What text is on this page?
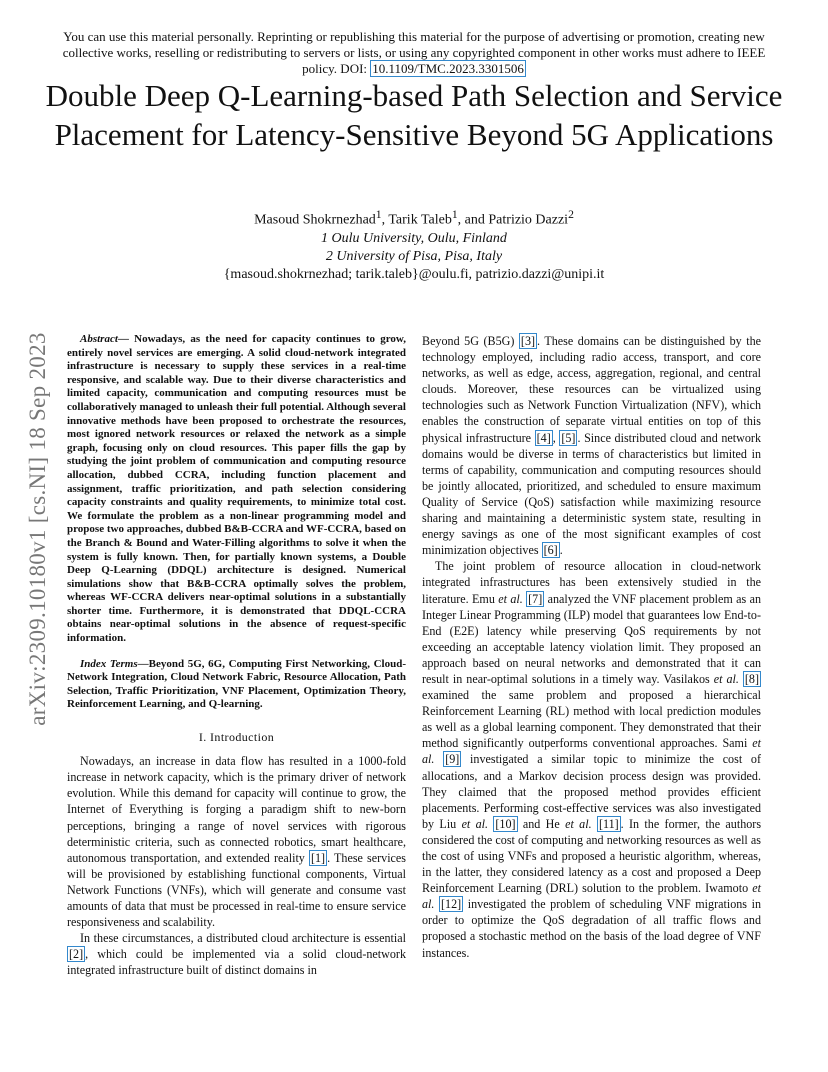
You can use this material personally. Reprinting or republishing this material for the purpose of advertising or promotion, creating new collective works, reselling or redistributing to servers or lists, or using any copyrighted component in other works must adhere to IEEE policy. DOI: 10.1109/TMC.2023.3301506
Double Deep Q-Learning-based Path Selection and Service Placement for Latency-Sensitive Beyond 5G Applications
Masoud Shokrnezhad$^1$, Tarik Taleb$^1$, and Patrizio Dazzi$^2$
1 Oulu University, Oulu, Finland
2 University of Pisa, Pisa, Italy
{masoud.shokrnezhad; tarik.taleb}@oulu.fi, patrizio.dazzi@unipi.it
arXiv:2309.10180v1 [cs.NI] 18 Sep 2023	Abstract— Nowadays, as the need for capacity continues to grow, entirely novel services are emerging. A solid cloud-network integrated infrastructure is necessary to supply these services in a real-time responsive, and scalable way. Due to their diverse characteristics and limited capacity, communication and computing resources must be collaboratively managed to unleash their full potential. Although several innovative methods have been proposed to orchestrate the resources, most ignored network resources or relaxed the network as a simple graph, focusing only on cloud resources. This paper fills the gap by studying the joint problem of communication and computing resource allocation, dubbed CCRA, including function placement and assignment, traffic prioritization, and path selection considering capacity constraints and quality requirements, to minimize total cost. We formulate the problem as a non-linear programming model and propose two approaches, dubbed B&B-CCRA and WF-CCRA, based on the Branch & Bound and Water-Filling algorithms to solve it when the system is fully known. Then, for partially known systems, a Double Deep Q-Learning (DDQL) architecture is designed. Numerical simulations show that B&B-CCRA optimally solves the problem, whereas WF-CCRA delivers near-optimal solutions in a substantially shorter time. Furthermore, it is demonstrated that DDQL-CCRA obtains near-optimal solutions in the absence of request-specific information.

Index Terms—Beyond 5G, 6G, Computing First Networking, Cloud-Network Integration, Cloud Network Fabric, Resource Allocation, Path Selection, Traffic Prioritization, VNF Placement, Optimization Theory, Reinforcement Learning, and Q-learning.

I. Introduction

Nowadays, an increase in data flow has resulted in a 1000-fold increase in network capacity, which is the primary driver of network evolution. While this demand for capacity will continue to grow, the Internet of Everything is forging a paradigm shift to new-born perceptions, bringing a range of novel services with rigorous deterministic criteria, such as connected robotics, smart healthcare, autonomous transportation, and extended reality [1] . These services will be provisioned by establishing functional components, Virtual Network Functions (VNFs), which will generate and consume vast amounts of data that must be processed in real-time to ensure service responsiveness and scalability.

In these circumstances, a distributed cloud architecture is essential [2] , which could be implemented via a solid cloud-network integrated infrastructure built of distinct domains in

Beyond 5G (B5G) [3] . These domains can be distinguished by the technology employed, including radio access, transport, and core networks, as well as edge, access, aggregation, regional, and central clouds. Moreover, these resources can be virtualized using technologies such as Network Function Virtualization (NFV), which enables the construction of separate virtual entities on top of this physical infrastructure [4] , [5] . Since distributed cloud and network domains would be diverse in terms of characteristics but limited in terms of capability, communication and computing resources should be jointly allocated, prioritized, and scheduled to ensure maximum Quality of Service (QoS) satisfaction while maximizing resource sharing and maintaining a deterministic system state, resulting in energy savings as one of the most significant examples of cost minimization objectives [6] .

The joint problem of resource allocation in cloud-network integrated infrastructures has been extensively studied in the literature. Emu et al. [7] analyzed the VNF placement problem as an Integer Linear Programming (ILP) model that guarantees low End-to-End (E2E) latency while preserving QoS requirements by not exceeding an acceptable latency violation limit. They proposed an approach based on neural networks and demonstrated that it can result in near-optimal solutions in a timely way. Vasilakos et al. [8] examined the same problem and proposed a hierarchical Reinforcement Learning (RL) method with local prediction modules as well as a global learning component. They demonstrated that their method significantly outperforms conventional approaches. Sami et al. [9] investigated a similar topic to minimize the cost of allocations, and a Markov decision process design was provided. They claimed that the proposed method provides efficient placements. Performing cost-effective services was also investigated by Liu et al. [10] and He et al. [11] . In the former, the authors considered the cost of computing and networking resources as well as the cost of using VNFs and proposed a heuristic algorithm, whereas, in the latter, they considered latency as a cost and proposed a Deep Reinforcement Learning (DRL) solution to the problem. Iwamoto et al. [12] investigated the problem of scheduling VNF migrations in order to optimize the QoS degradation of all traffic flows and proposed a stochastic method on the basis of the load degree of VNF instances.
